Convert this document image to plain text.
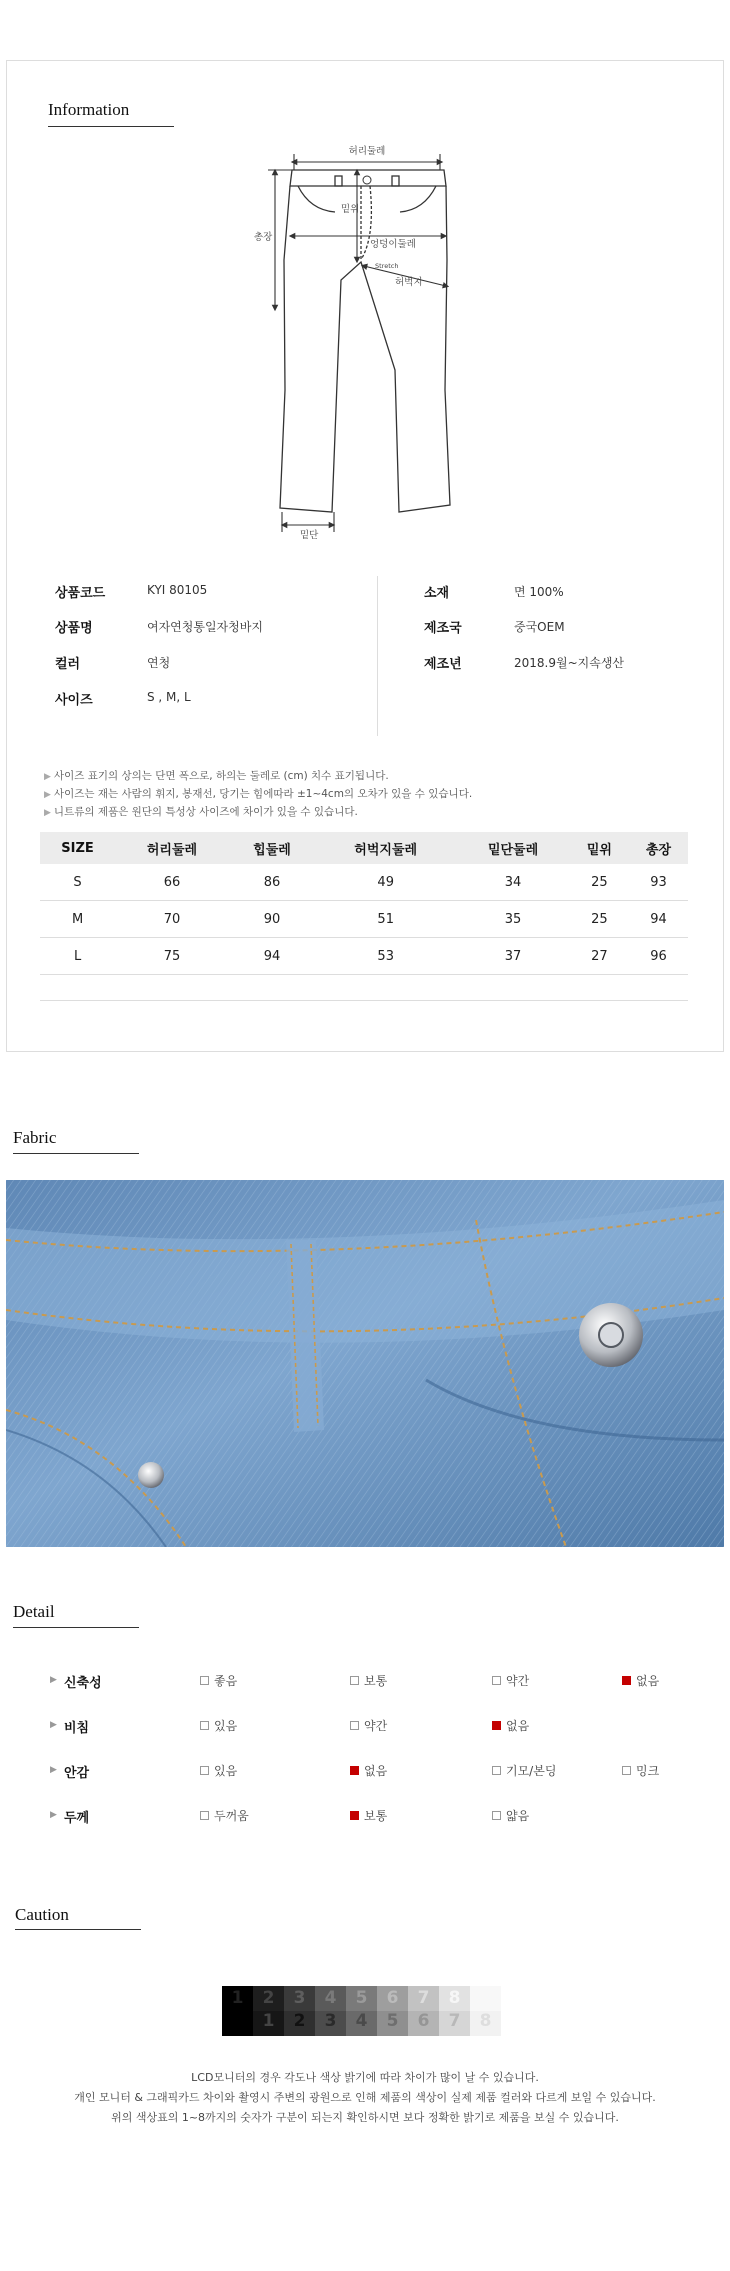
Information
허리둘레
밑위
엉덩이둘레
총장
허벅지
Stretch
밑단
상품코드	KYI 80105
상품명	여자연청통일자청바지
컬러	연청
사이즈	S , M, L
소재	면 100%
제조국	중국OEM
제조년	2018.9월~지속생산
▶ 사이즈 표기의 상의는 단면 폭으로, 하의는 둘레로 (cm) 치수 표기됩니다.
▶ 사이즈는 재는 사람의 휘지, 봉재선, 당기는 힘에따라 ±1~4cm의 오차가 있을 수 있습니다.
▶ 니트류의 제품은 원단의 특성상 사이즈에 차이가 있을 수 있습니다.
SIZE	허리둘레	힙둘레	허벅지둘레	밑단둘레	밑위	총장
S	66	86	49	34	25	93
M	70	90	51	35	25	94
L	75	94	53	37	27	96
Fabric
Detail
▶ 신축성	좋음	보통	약간	없음
▶ 비침	있음	약간	없음
▶ 안감	있음	없음	기모/본딩	밍크
▶ 두께	두꺼움	보통	얇음
Caution
1	2
1
3
2
4
3
5
4
6
5
7
6
8
7	8
LCD모니터의 경우 각도나 색상 밝기에 따라 차이가 많이 날 수 있습니다.
개인 모니터 & 그래픽카드 차이와 촬영시 주변의 광원으로 인해 제품의 색상이 실제 제품 컬러와 다르게 보일 수 있습니다.
위의 색상표의 1~8까지의 숫자가 구분이 되는지 확인하시면 보다 정확한 밝기로 제품을 보실 수 있습니다.
